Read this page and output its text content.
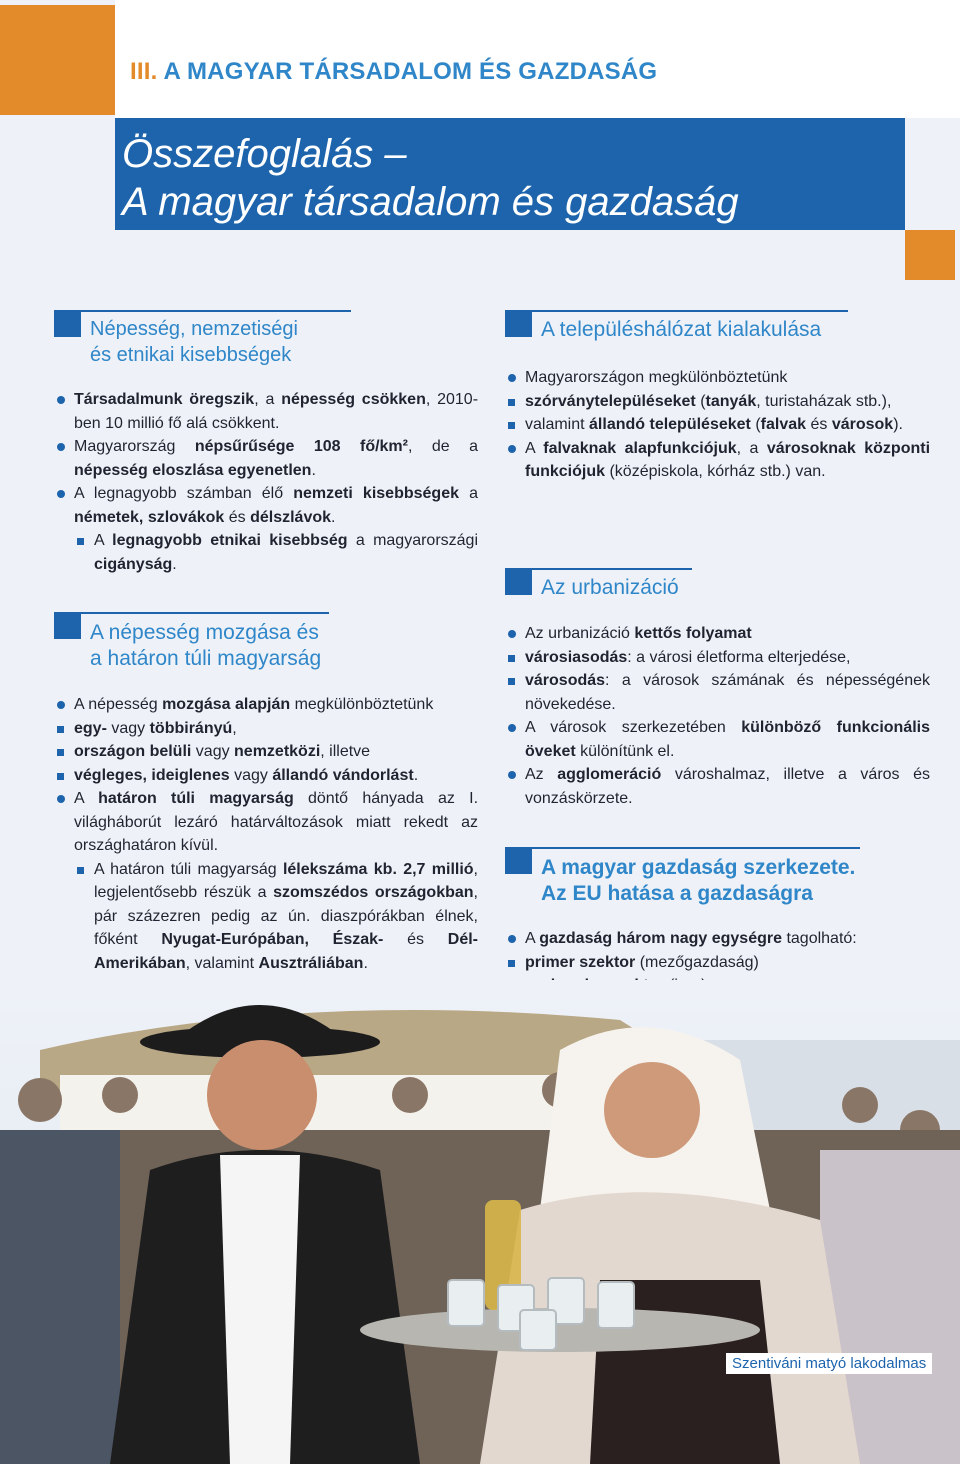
III. A MAGYAR TÁRSADALOM ÉS GAZDASÁG
Összefoglalás –
A magyar társadalom és gazdaság
Népesség, nemzetiségi
és etnikai kisebbségek
Társadalmunk öregszik, a népesség csökken, 2010-ben 10 millió fő alá csökkent.
Magyarország népsűrűsége 108 fő/km², de a népesség eloszlása egyenetlen.
A legnagyobb számban élő nemzeti kisebbségek a németek, szlovákok és délszlávok.
A legnagyobb etnikai kisebbség a magyarországi cigányság.
A népesség mozgása és
a határon túli magyarság
A népesség mozgása alapján megkülönböztetünk
egy- vagy többirányú,
országon belüli vagy nemzetközi, illetve
végleges, ideiglenes vagy állandó vándorlást.
A határon túli magyarság döntő hányada az I. világháborút lezáró határváltozások miatt rekedt az országhatáron kívül.
A határon túli magyarság lélekszáma kb. 2,7 millió, legjelentősebb részük a szomszédos országokban, pár százezren pedig az ún. diaszpórákban élnek, főként Nyugat-Európában, Észak- és Dél-Amerikában, valamint Ausztráliában.
A településhálózat kialakulása
Magyarországon megkülönböztetünk
szórványtelepüléseket (tanyák, turistaházak stb.),
valamint állandó településeket (falvak és városok).
A falvaknak alapfunkciójuk, a városoknak központi funkciójuk (középiskola, kórház stb.) van.
Az urbanizáció
Az urbanizáció kettős folyamat
városiasodás: a városi életforma elterjedése,
városodás: a városok számának és népességének növekedése.
A városok szerkezetében különböző funkcionális öveket különítünk el.
Az agglomeráció városhalmaz, illetve a város és vonzáskörzete.
A magyar gazdaság szerkezete.
Az EU hatása a gazdaságra
A gazdaság három nagy egységre tagolható:
primer szektor (mezőgazdaság)
Szentiváni matyó lakodalmas
